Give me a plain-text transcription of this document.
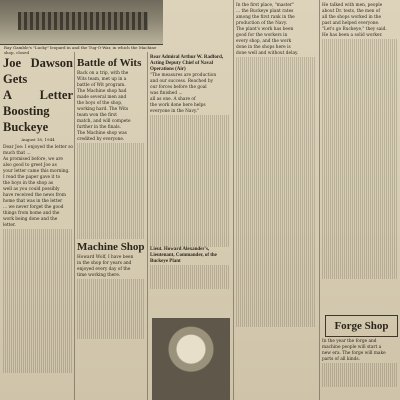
Ray Gamble's "Lucky" leopard in and the Tug-O-War, in which the Machine shop, closed
Joe Dawson Gets
A Letter Boosting
Buckeye
August 18, 1944
Dear Joe: I enjoyed the letter so much that ...
As promised before, we are
also good to greet Joe as
your letter came this morning.
I read the paper gave it to
the boys in the shop as
well as you could possibly
have received the news from
home that was in the letter
... we never forget the good
things from home and the
work being done and the
letter.
Battle of Wits
Back on a trip, with the
Wits team, met up in a
battle of Wit program.
The Machine shop had
made several men and
the boys of the shop,
working hard. The Wits
team won the first
match, and will compete
further in the finals.
The Machine shop was
credited by everyone.
Machine Shop
Howard Wolf, I have been
in the shop for years and
enjoyed every day of the
time working there.
Rear Admiral Arthur W. Radford, Acting Deputy Chief of Naval Operations (Air)
"The measures are production
and our success. Reached by
our forces before the goal
was finished ...
all as one. A share of
the work done here helps
everyone in the Navy."
Lieut. Howard Alexander's, Lieutenant, Commander, of the Buckeye Plant
In the first place, "master"
... the Buckeye plant rates
among the first rank in the
production of the Navy.
The plant's work has been
good for the workers in
every shop, and the work
done in the shops here is
done well and without delay.
He talked with men, people
about Dr. tests, the men of
all the shops worked in the
past and helped everyone.
"Let's go Buckeye," they said.
He has been a solid worker.
Forge Shop
In the year the forge and
machine people will start a
new era. The forge will make
parts of all kinds.
